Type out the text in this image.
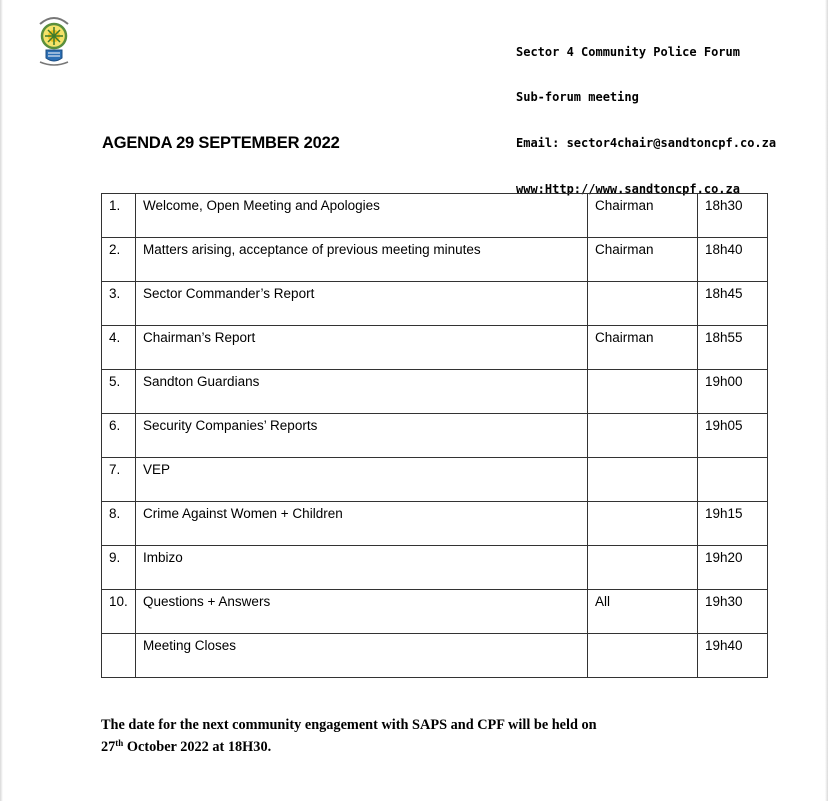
Sector 4 Community Police Forum

Sub-forum meeting

Email: sector4chair@sandtoncpf.co.za

www:Http://www.sandtoncpf.co.za

AGENDA 29 SEPTEMBER 2022
1.	Welcome, Open Meeting and Apologies	Chairman	18h30
2.	Matters arising, acceptance of previous meeting minutes	Chairman	18h40
3.	Sector Commander’s Report		18h45
4.	Chairman’s Report	Chairman	18h55
5.	Sandton Guardians		19h00
6.	Security Companies’ Reports		19h05
7.	VEP		
8.	Crime Against Women + Children		19h15
9.	Imbizo		19h20
10.	Questions + Answers	All	19h30
	Meeting Closes		19h40
The date for the next community engagement with SAPS and CPF will be held on
27th October 2022 at 18H30.
